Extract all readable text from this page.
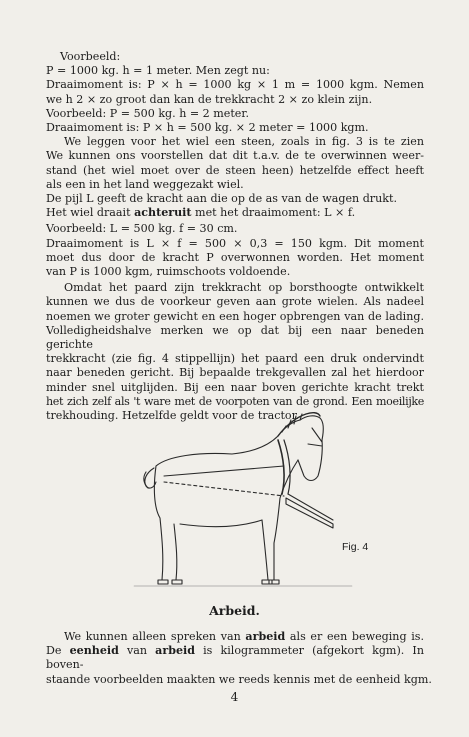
Voorbeeld:
P = 1000 kg. h = 1 meter. Men zegt nu:
Draaimoment is: P × h = 1000 kg × 1 m = 1000 kgm. Nemen
we h 2 × zo groot dan kan de trekkracht 2 × zo klein zijn.
Voorbeeld: P = 500 kg. h = 2 meter.
Draaimoment is: P × h = 500 kg. × 2 meter = 1000 kgm.
We leggen voor het wiel een steen, zoals in fig. 3 is te zien
We kunnen ons voorstellen dat dit t.a.v. de te overwinnen weer-
stand (het wiel moet over de steen heen) hetzelfde effect heeft
als een in het land weggezakt wiel.
De pijl L geeft de kracht aan die op de as van de wagen drukt.
Het wiel draait achteruit met het draaimoment: L × f.
Voorbeeld: L = 500 kg. f = 30 cm.
Draaimoment is L × f = 500 × 0,3 = 150 kgm. Dit moment
moet dus door de kracht P overwonnen worden. Het moment
van P is 1000 kgm, ruimschoots voldoende.
Omdat het paard zijn trekkracht op borsthoogte ontwikkelt
kunnen we dus de voorkeur geven aan grote wielen. Als nadeel
noemen we groter gewicht en een hoger opbrengen van de lading.
Volledigheidshalve merken we op dat bij een naar beneden gerichte
trekkracht (zie fig. 4 stippellijn) het paard een druk ondervindt
naar beneden gericht. Bij bepaalde trekgevallen zal het hierdoor
minder snel uitglijden. Bij een naar boven gerichte kracht trekt
het zich zelf als 't ware met de voorpoten van de grond. Een moeilijke
trekhouding. Hetzelfde geldt voor de tractor.
Fig. 4
Arbeid.
We kunnen alleen spreken van arbeid als er een beweging is.
De eenheid van arbeid is kilogrammeter (afgekort kgm). In boven-
staande voorbeelden maakten we reeds kennis met de eenheid kgm.
4
